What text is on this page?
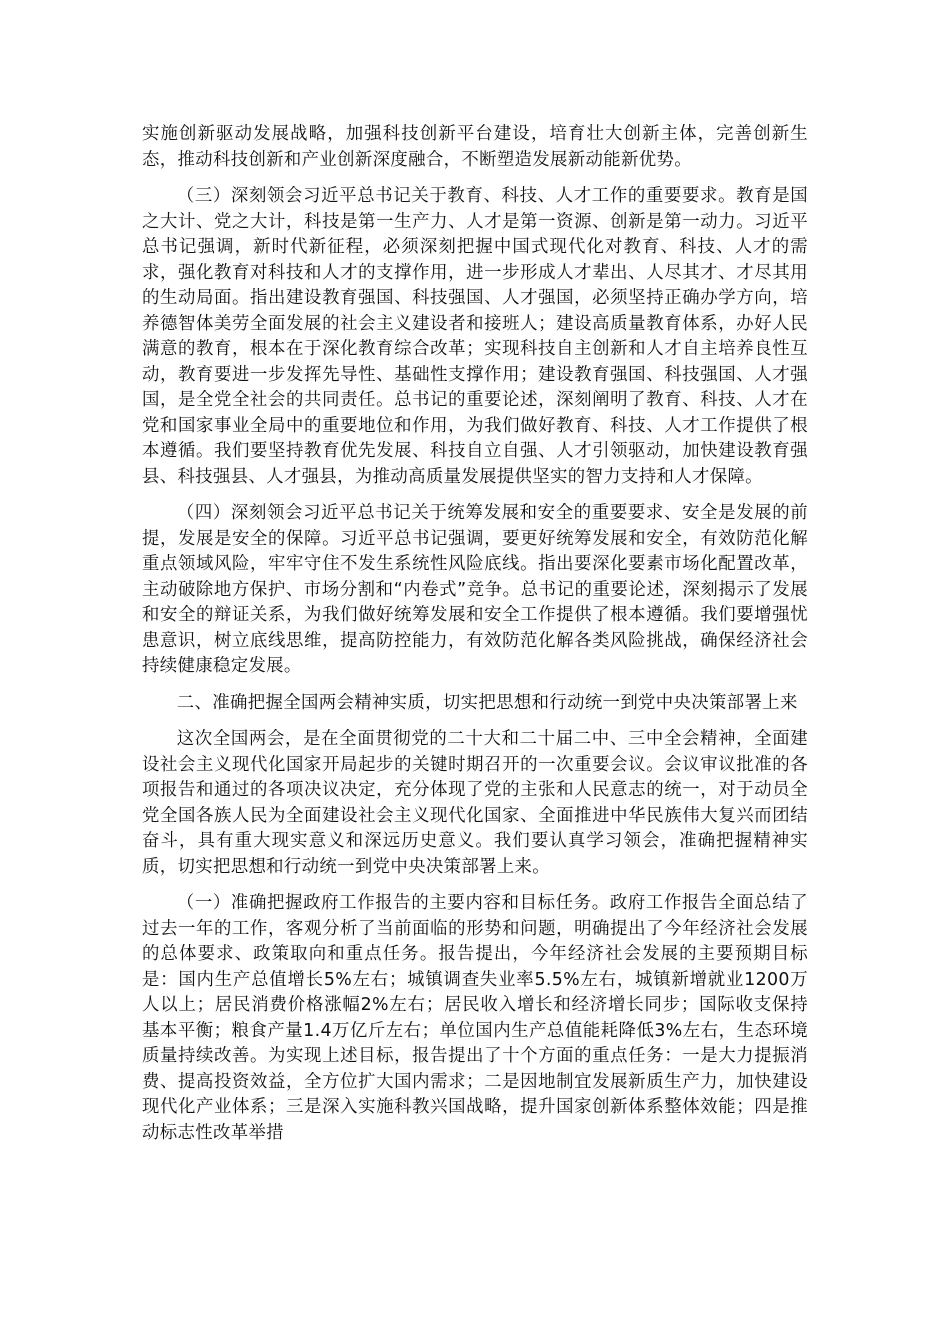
实施创新驱动发展战略，加强科技创新平台建设，培育壮大创新主体，完善创新生态，推动科技创新和产业创新深度融合，不断塑造发展新动能新优势。

（三）深刻领会习近平总书记关于教育、科技、人才工作的重要要求。教育是国之大计、党之大计，科技是第一生产力、人才是第一资源、创新是第一动力。习近平总书记强调，新时代新征程，必须深刻把握中国式现代化对教育、科技、人才的需求，强化教育对科技和人才的支撑作用，进一步形成人才辈出、人尽其才、才尽其用的生动局面。指出建设教育强国、科技强国、人才强国，必须坚持正确办学方向，培养德智体美劳全面发展的社会主义建设者和接班人；建设高质量教育体系，办好人民满意的教育，根本在于深化教育综合改革；实现科技自主创新和人才自主培养良性互动，教育要进一步发挥先导性、基础性支撑作用；建设教育强国、科技强国、人才强国，是全党全社会的共同责任。总书记的重要论述，深刻阐明了教育、科技、人才在党和国家事业全局中的重要地位和作用，为我们做好教育、科技、人才工作提供了根本遵循。我们要坚持教育优先发展、科技自立自强、人才引领驱动，加快建设教育强县、科技强县、人才强县，为推动高质量发展提供坚实的智力支持和人才保障。

（四）深刻领会习近平总书记关于统筹发展和安全的重要要求、安全是发展的前提，发展是安全的保障。习近平总书记强调，要更好统筹发展和安全，有效防范化解重点领域风险，牢牢守住不发生系统性风险底线。指出要深化要素市场化配置改革，主动破除地方保护、市场分割和“内卷式”竞争。总书记的重要论述，深刻揭示了发展和安全的辩证关系，为我们做好统筹发展和安全工作提供了根本遵循。我们要增强忧患意识，树立底线思维，提高防控能力，有效防范化解各类风险挑战，确保经济社会持续健康稳定发展。

二、准确把握全国两会精神实质，切实把思想和行动统一到党中央决策部署上来

这次全国两会，是在全面贯彻党的二十大和二十届二中、三中全会精神，全面建设社会主义现代化国家开局起步的关键时期召开的一次重要会议。会议审议批准的各项报告和通过的各项决议决定，充分体现了党的主张和人民意志的统一，对于动员全党全国各族人民为全面建设社会主义现代化国家、全面推进中华民族伟大复兴而团结奋斗，具有重大现实意义和深远历史意义。我们要认真学习领会，准确把握精神实质，切实把思想和行动统一到党中央决策部署上来。

（一）准确把握政府工作报告的主要内容和目标任务。政府工作报告全面总结了过去一年的工作，客观分析了当前面临的形势和问题，明确提出了今年经济社会发展的总体要求、政策取向和重点任务。报告提出，今年经济社会发展的主要预期目标是：国内生产总值增长5%左右；城镇调查失业率5.5%左右，城镇新增就业1200万人以上；居民消费价格涨幅2%左右；居民收入增长和经济增长同步；国际收支保持基本平衡；粮食产量1.4万亿斤左右；单位国内生产总值能耗降低3%左右，生态环境质量持续改善。为实现上述目标，报告提出了十个方面的重点任务：一是大力提振消费、提高投资效益，全方位扩大国内需求；二是因地制宜发展新质生产力，加快建设现代化产业体系；三是深入实施科教兴国战略，提升国家创新体系整体效能；四是推动标志性改革举措
